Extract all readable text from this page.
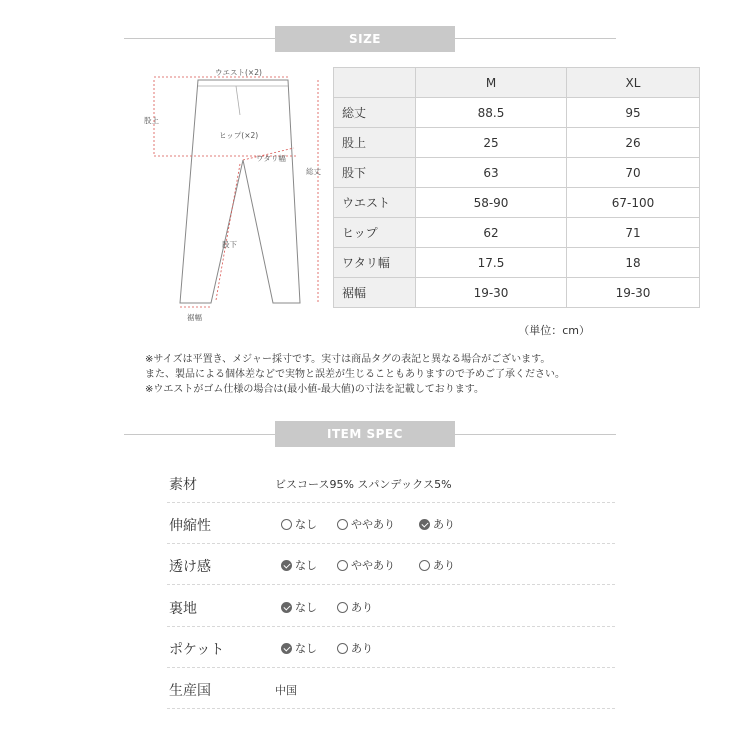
SIZE
ウエスト(×2)
股上
ヒップ(×2)
ワタリ幅
総丈
股下
裾幅
	M	XL
総丈	88.5	95
股上	25	26
股下	63	70
ウエスト	58-90	67-100
ヒップ	62	71
ワタリ幅	17.5	18
裾幅	19-30	19-30
（単位：cm）
※サイズは平置き、メジャー採寸です。実寸は商品タグの表記と異なる場合がございます。
また、製品による個体差などで実物と誤差が生じることもありますので予めご了承ください。
※ウエストがゴム仕様の場合は(最小値-最大値)の寸法を記載しております。
ITEM SPEC
素材	ビスコース95% スパンデックス5%
伸縮性	なし	ややあり	あり
透け感	なし	ややあり	あり
裏地	なし	あり
ポケット	なし	あり
生産国	中国
